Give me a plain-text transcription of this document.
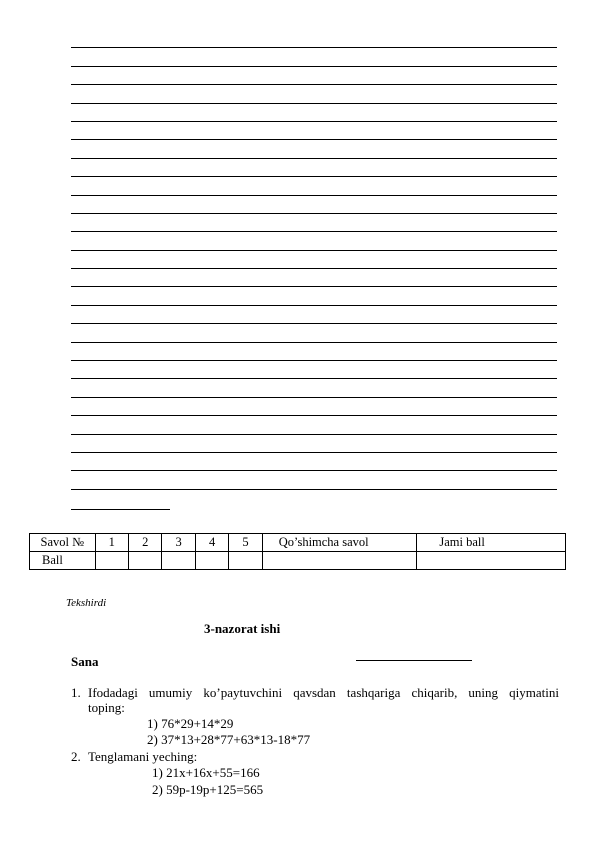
Savol №	1	2	3	4	5	Qo’shimcha savol	Jami ball
Ball							
Tekshirdi
3-nazorat ishi
Sana
1. Ifodadagi umumiy ko’paytuvchini qavsdan tashqariga chiqarib, uning qiymatini
toping:
1) 76*29+14*29
2) 37*13+28*77+63*13-18*77
2. Tenglamani yeching:
1) 21x+16x+55=166
2) 59p-19p+125=565
